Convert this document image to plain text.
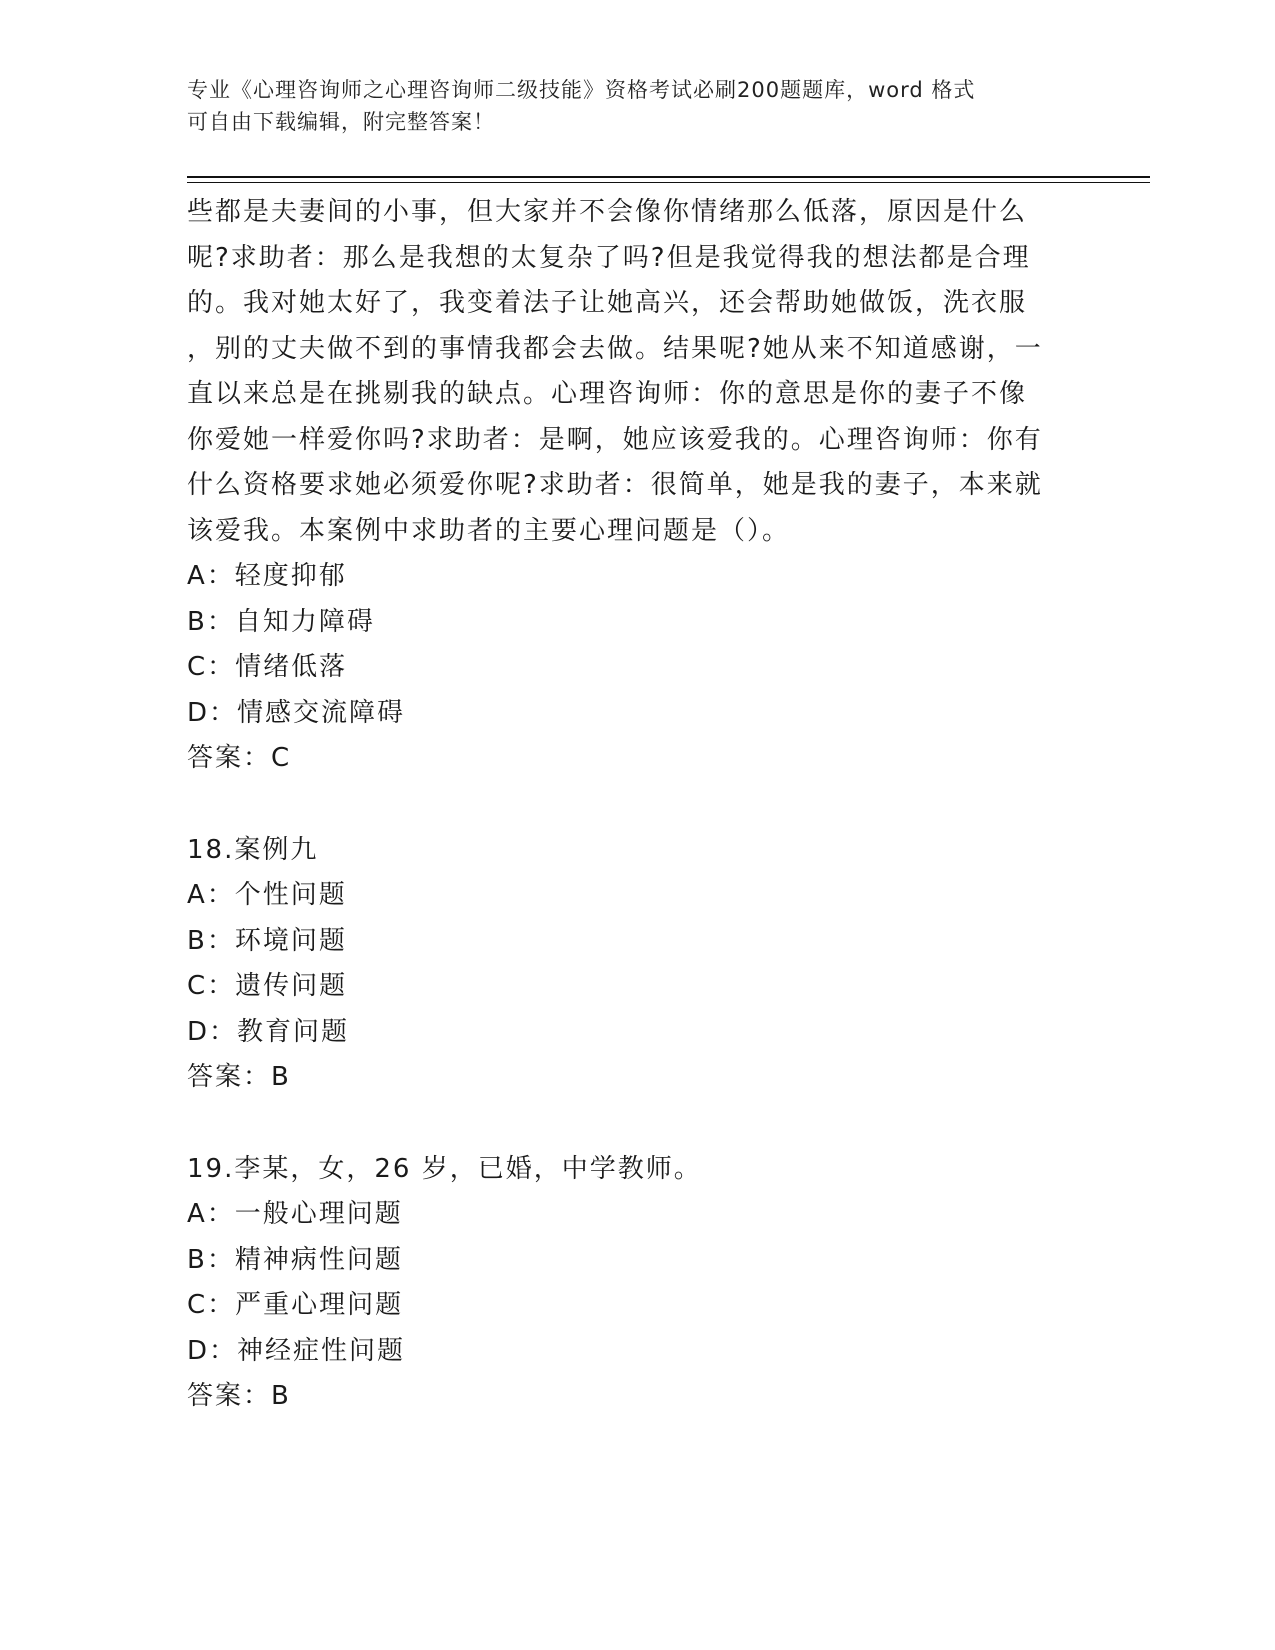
专业《心理咨询师之心理咨询师二级技能》资格考试必刷200题题库，word 格式
可自由下载编辑，附完整答案！
些都是夫妻间的小事，但大家并不会像你情绪那么低落，原因是什么
呢?求助者：那么是我想的太复杂了吗?但是我觉得我的想法都是合理
的。我对她太好了，我变着法子让她高兴，还会帮助她做饭，洗衣服
，别的丈夫做不到的事情我都会去做。结果呢?她从来不知道感谢，一
直以来总是在挑剔我的缺点。心理咨询师：你的意思是你的妻子不像
你爱她一样爱你吗?求助者：是啊，她应该爱我的。心理咨询师：你有
什么资格要求她必须爱你呢?求助者：很简单，她是我的妻子，本来就
该爱我。本案例中求助者的主要心理问题是（）。
A：轻度抑郁
B：自知力障碍
C：情绪低落
D：情感交流障碍
答案：C
18.案例九
A：个性问题
B：环境问题
C：遗传问题
D：教育问题
答案：B
19.李某，女，26 岁，已婚，中学教师。
A：一般心理问题
B：精神病性问题
C：严重心理问题
D：神经症性问题
答案：B
